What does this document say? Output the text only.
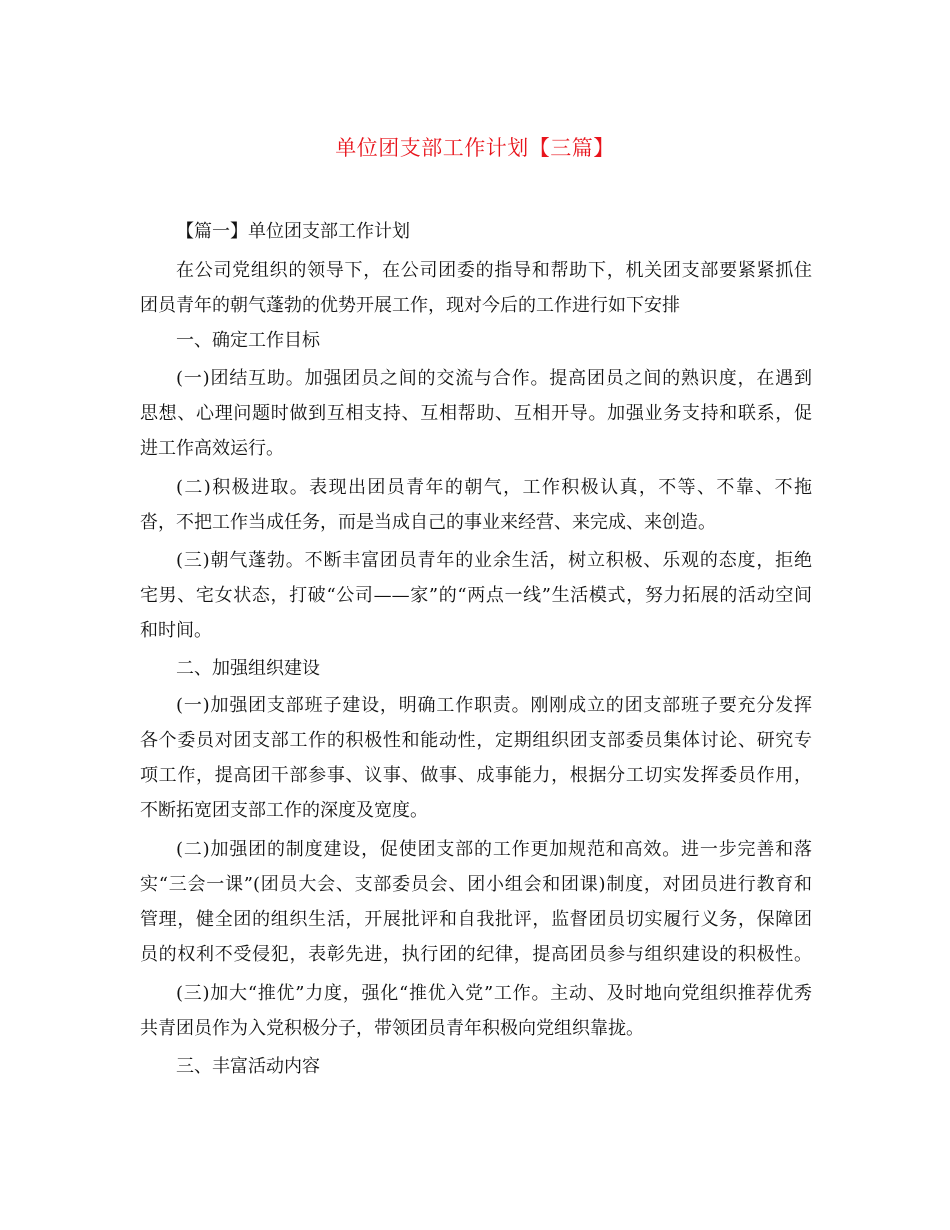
单位团支部工作计划【三篇】
【篇一】单位团支部工作计划
在公司党组织的领导下，在公司团委的指导和帮助下，机关团支部要紧紧抓住
团员青年的朝气蓬勃的优势开展工作，现对今后的工作进行如下安排
一、确定工作目标
(一)团结互助。加强团员之间的交流与合作。提高团员之间的熟识度，在遇到
思想、心理问题时做到互相支持、互相帮助、互相开导。加强业务支持和联系，促
进工作高效运行。
(二)积极进取。表现出团员青年的朝气，工作积极认真，不等、不靠、不拖
沓，不把工作当成任务，而是当成自己的事业来经营、来完成、来创造。
(三)朝气蓬勃。不断丰富团员青年的业余生活，树立积极、乐观的态度，拒绝
宅男、宅女状态，打破“公司——家”的“两点一线”生活模式，努力拓展的活动空间
和时间。
二、加强组织建设
(一)加强团支部班子建设，明确工作职责。刚刚成立的团支部班子要充分发挥
各个委员对团支部工作的积极性和能动性，定期组织团支部委员集体讨论、研究专
项工作，提高团干部参事、议事、做事、成事能力，根据分工切实发挥委员作用，
不断拓宽团支部工作的深度及宽度。
(二)加强团的制度建设，促使团支部的工作更加规范和高效。进一步完善和落
实“三会一课”(团员大会、支部委员会、团小组会和团课)制度，对团员进行教育和
管理，健全团的组织生活，开展批评和自我批评，监督团员切实履行义务，保障团
员的权利不受侵犯，表彰先进，执行团的纪律，提高团员参与组织建设的积极性。
(三)加大“推优”力度，强化“推优入党”工作。主动、及时地向党组织推荐优秀
共青团员作为入党积极分子，带领团员青年积极向党组织靠拢。
三、丰富活动内容
